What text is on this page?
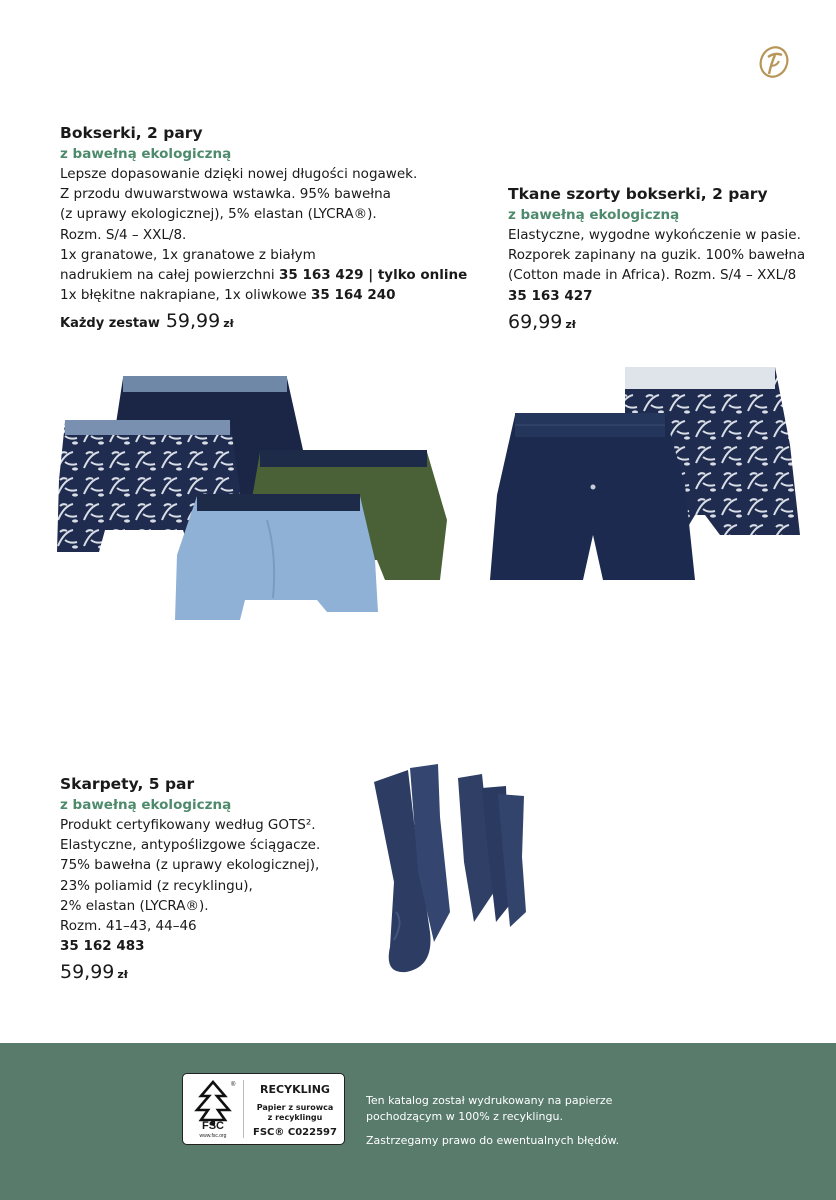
Bokserki, 2 pary
z bawełną ekologiczną
Lepsze dopasowanie dzięki nowej długości nogawek.
Z przodu dwuwarstwowa wstawka. 95% bawełna
(z uprawy ekologicznej), 5% elastan (LYCRA®).
Rozm. S/4 – XXL/8.
1x granatowe, 1x granatowe z białym
nadrukiem na całej powierzchni 35 163 429 | tylko online
1x błękitne nakrapiane, 1x oliwkowe 35 164 240
Każdy zestaw 59,99 zł
Tkane szorty bokserki, 2 pary
z bawełną ekologiczną
Elastyczne, wygodne wykończenie w pasie.
Rozporek zapinany na guzik. 100% bawełna
(Cotton made in Africa). Rozm. S/4 – XXL/8
35 163 427
69,99 zł
Skarpety, 5 par
z bawełną ekologiczną
Produkt certyfikowany według GOTS².
Elastyczne, antypoślizgowe ściągacze.
75% bawełna (z uprawy ekologicznej),
23% poliamid (z recyklingu),
2% elastan (LYCRA®).
Rozm. 41–43, 44–46
35 162 483
59,99 zł
®
FSC
www.fsc.org
RECYKLING
Papier z surowca
z recyklingu
FSC® C022597
Ten katalog został wydrukowany na papierze
pochodzącym w 100% z recyklingu.
Zastrzegamy prawo do ewentualnych błędów.
